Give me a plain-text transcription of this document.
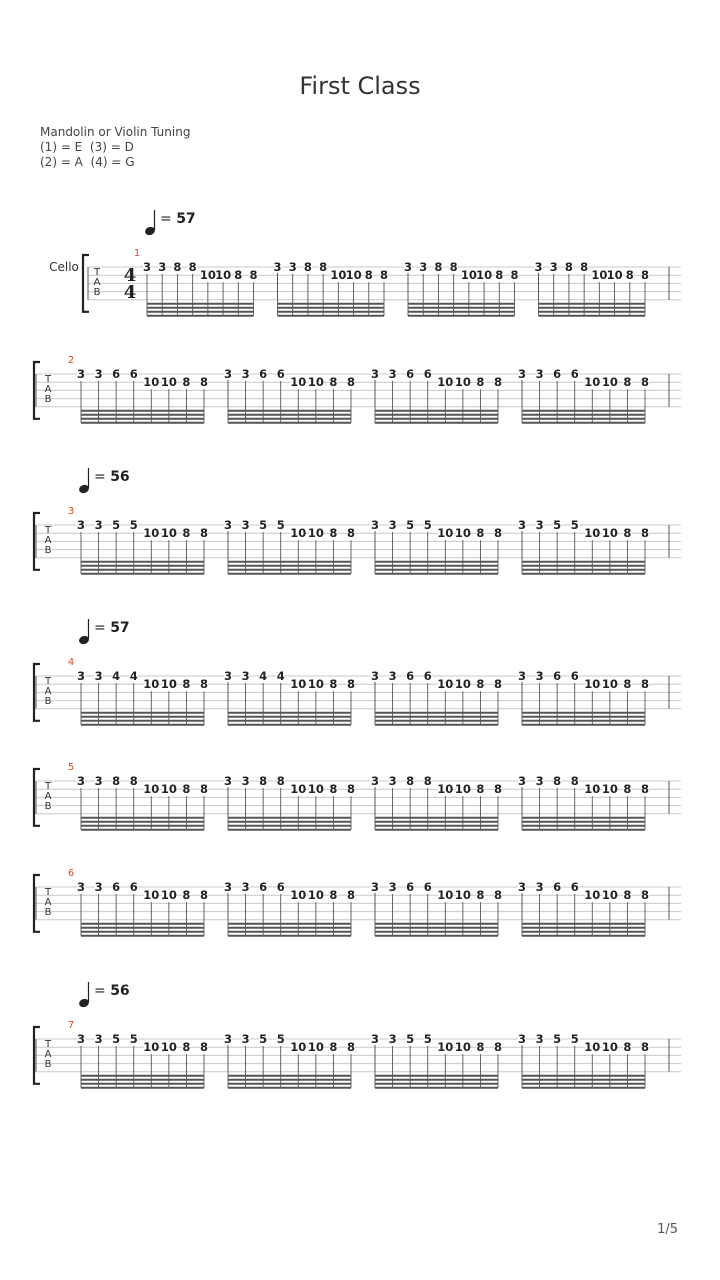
First Class
Mandolin or Violin Tuning
(1) = E  (3) = D
(2) = A  (4) = G
T
A
B
4
4
Cello
1
= 57
3 3 8 8
10 10 8 8
3 3 8 8
10 10 8 8
3 3 8 8
10 10 8 8
3 3 8 8
10 10 8 8
T
A
B
2
3 3 6 6
10 10 8 8
3 3 6 6
10 10 8 8
3 3 6 6
10 10 8 8
3 3 6 6
10 10 8 8
T
A
B
3
= 56
3 3 5 5
10 10 8 8
3 3 5 5
10 10 8 8
3 3 5 5
10 10 8 8
3 3 5 5
10 10 8 8
T
A
B
4
= 57
3 3 4 4
10 10 8 8
3 3 4 4
10 10 8 8
3 3 6 6
10 10 8 8
3 3 6 6
10 10 8 8
T
A
B
5
3 3 8 8
10 10 8 8
3 3 8 8
10 10 8 8
3 3 8 8
10 10 8 8
3 3 8 8
10 10 8 8
T
A
B
6
3 3 6 6
10 10 8 8
3 3 6 6
10 10 8 8
3 3 6 6
10 10 8 8
3 3 6 6
10 10 8 8
T
A
B
7
= 56
3 3 5 5
10 10 8 8
3 3 5 5
10 10 8 8
3 3 5 5
10 10 8 8
3 3 5 5
10 10 8 8
1/5
